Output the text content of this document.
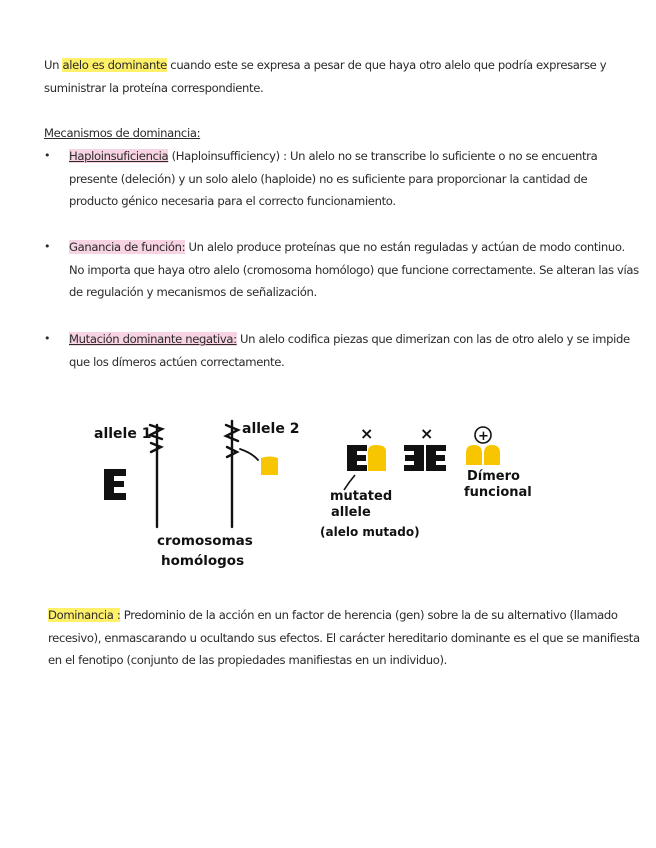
Un alelo es dominante cuando este se expresa a pesar de que haya otro alelo que podría expresarse y
suministrar la proteína correspondiente.
Mecanismos de dominancia:
• Haploinsuficiencia (Haploinsufficiency) : Un alelo no se transcribe lo suficiente o no se encuentra
presente (deleción) y un solo alelo (haploide) no es suficiente para proporcionar la cantidad de
producto génico necesaria para el correcto funcionamiento.
• Ganancia de función: Un alelo produce proteínas que no están reguladas y actúan de modo continuo.
No importa que haya otro alelo (cromosoma homólogo) que funcione correctamente. Se alteran las vías
de regulación y mecanismos de señalización.
• Mutación dominante negativa: Un alelo codifica piezas que dimerizan con las de otro alelo y se impide
que los dímeros actúen correctamente.
allele 1	allele 2
cromosomas
homólogos
×
mutated
allele
(alelo mutado)
×	+
Dímero
funcional
Dominancia : Predominio de la acción en un factor de herencia (gen) sobre la de su alternativo (llamado
recesivo), enmascarando u ocultando sus efectos. El carácter hereditario dominante es el que se manifiesta
en el fenotipo (conjunto de las propiedades manifiestas en un individuo).
